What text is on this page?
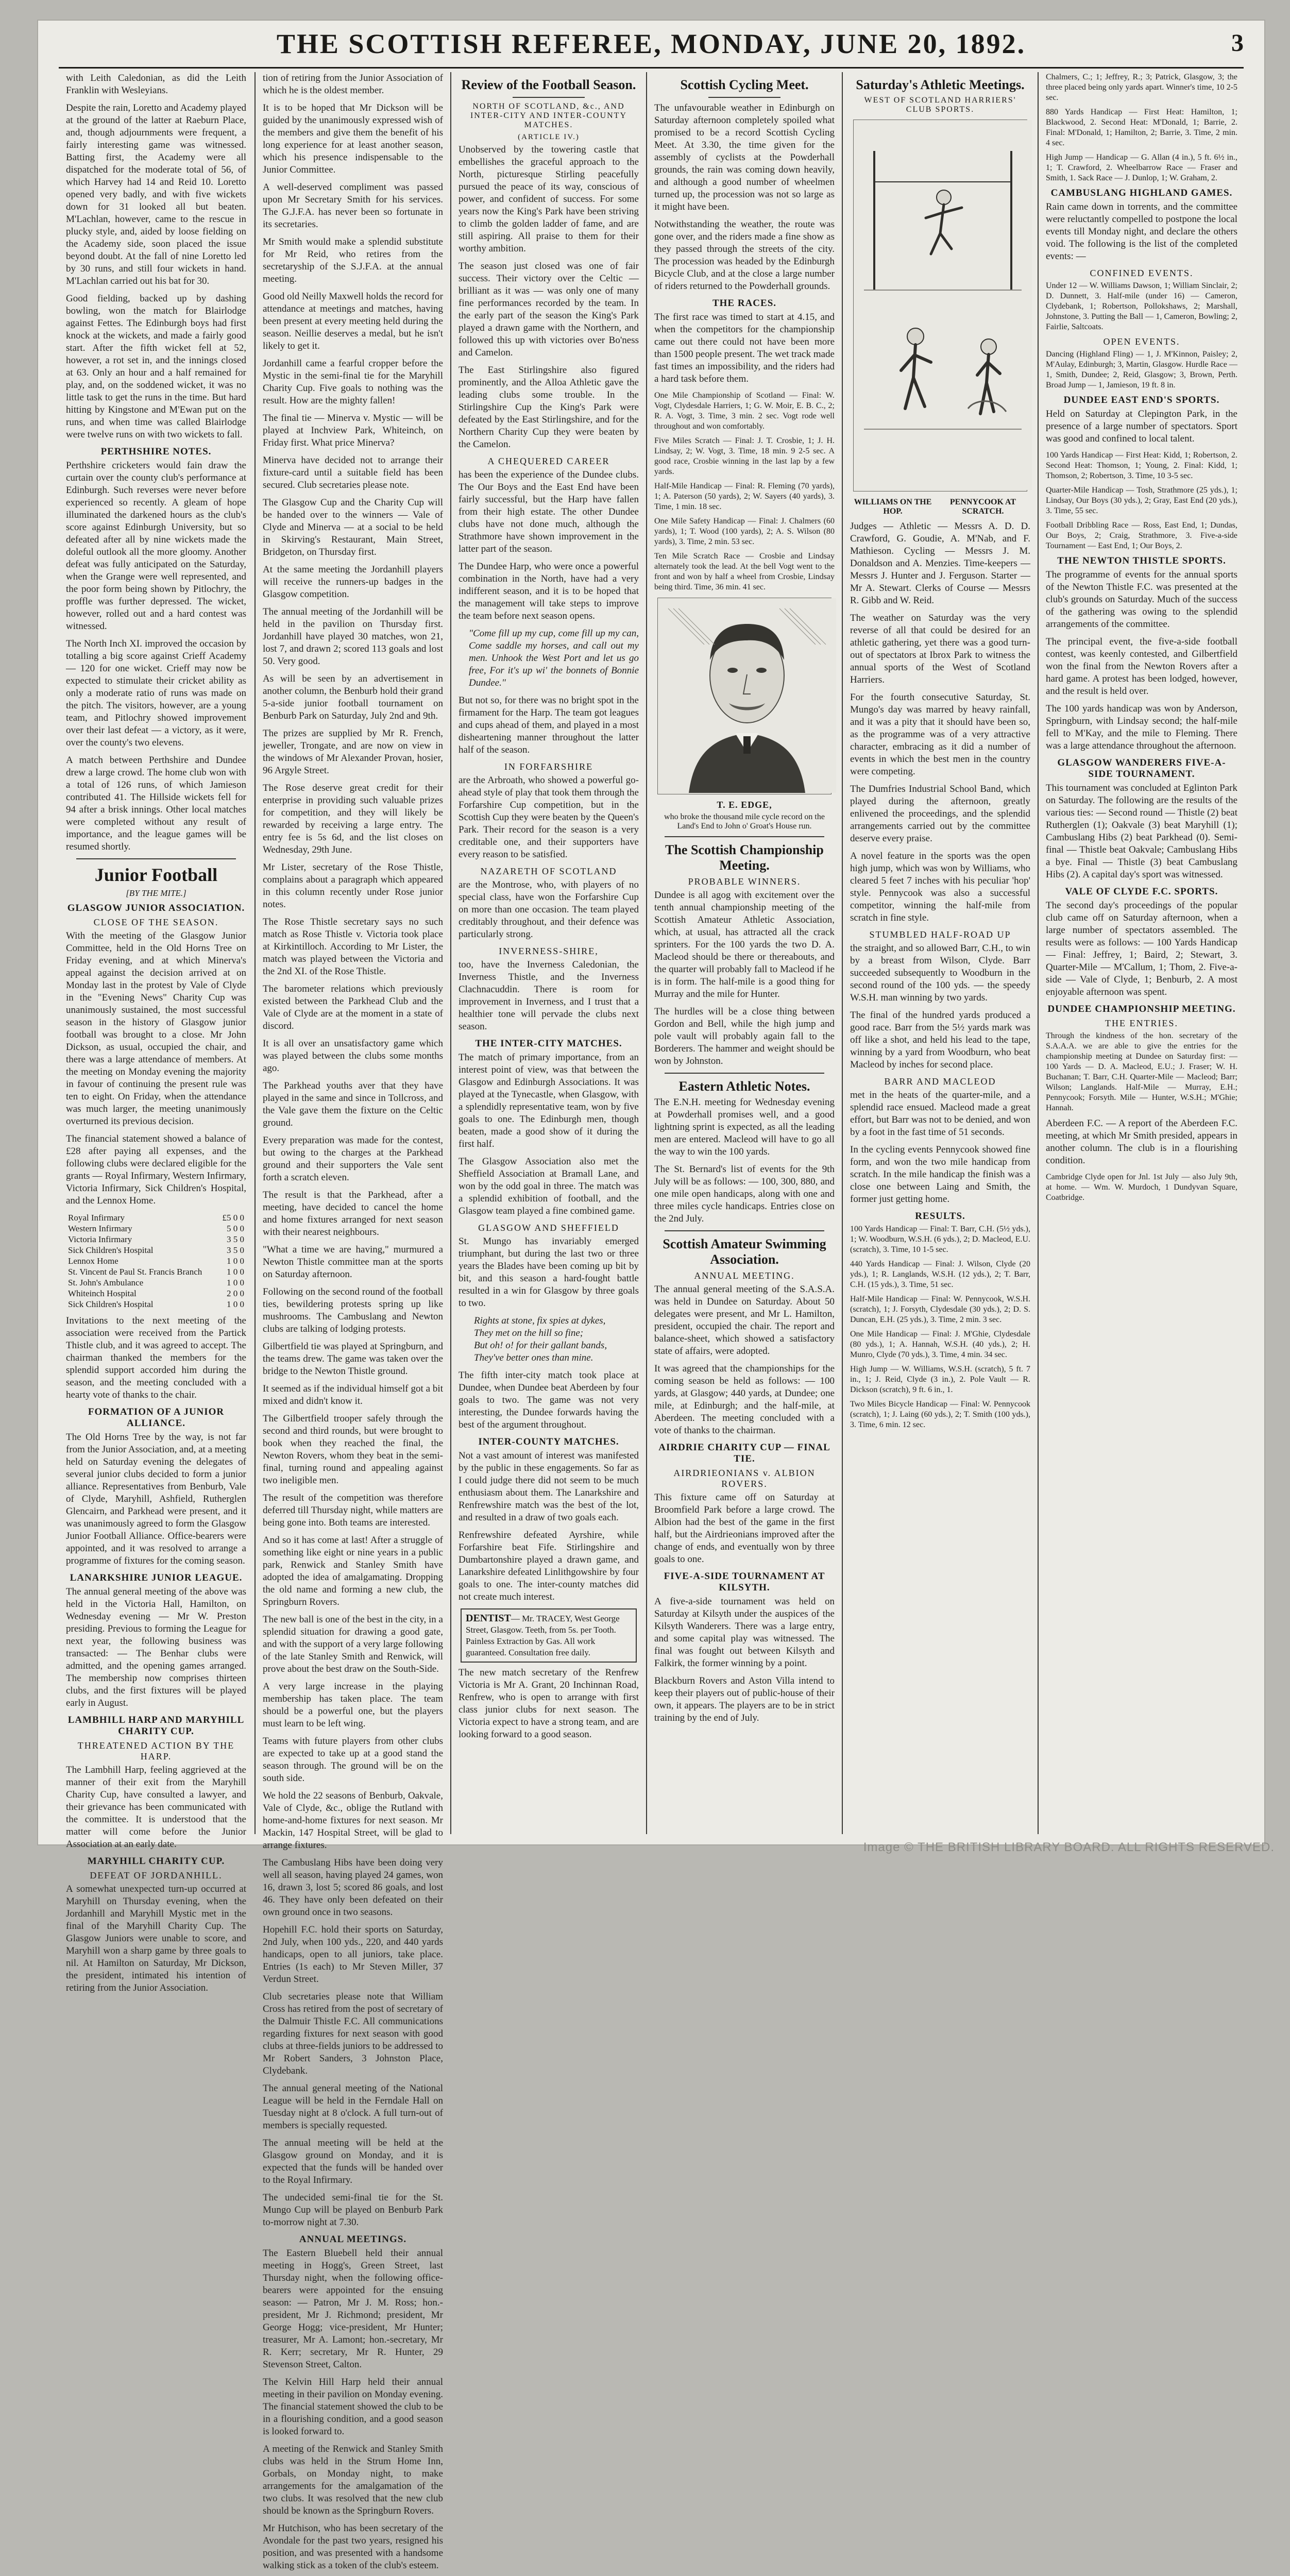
THE SCOTTISH REFEREE, MONDAY, JUNE 20, 1892.	3

with Leith Caledonian, as did the Leith Franklin with Wesleyians.

Despite the rain, Loretto and Academy played at the ground of the latter at Raeburn Place, and, though adjournments were frequent, a fairly interesting game was witnessed. Batting first, the Academy were all dispatched for the moderate total of 56, of which Harvey had 14 and Reid 10. Loretto opened very badly, and with five wickets down for 31 looked all but beaten. M'Lachlan, however, came to the rescue in plucky style, and, aided by loose fielding on the Academy side, soon placed the issue beyond doubt. At the fall of nine Loretto led by 30 runs, and still four wickets in hand. M'Lachlan carried out his bat for 30.

Good fielding, backed up by dashing bowling, won the match for Blairlodge against Fettes. The Edinburgh boys had first knock at the wickets, and made a fairly good start. After the fifth wicket fell at 52, however, a rot set in, and the innings closed at 63. Only an hour and a half remained for play, and, on the soddened wicket, it was no little task to get the runs in the time. But hard hitting by Kingstone and M'Ewan put on the runs, and when time was called Blairlodge were twelve runs on with two wickets to fall.

PERTHSHIRE NOTES.

Perthshire cricketers would fain draw the curtain over the county club's performance at Edinburgh. Such reverses were never before experienced so recently. A gleam of hope illuminated the darkened hours as the club's score against Edinburgh University, but so defeated after all by nine wickets made the doleful outlook all the more gloomy. Another defeat was fully anticipated on the Saturday, when the Grange were well represented, and the poor form being shown by Pitlochry, the proffle was further depressed. The wicket, however, rolled out and a hard contest was witnessed.

The North Inch XI. improved the occasion by totalling a big score against Crieff Academy — 120 for one wicket. Crieff may now be expected to stimulate their cricket ability as only a moderate ratio of runs was made on the pitch. The visitors, however, are a young team, and Pitlochry showed improvement over their last defeat — a victory, as it were, over the county's two elevens.

A match between Perthshire and Dundee drew a large crowd. The home club won with a total of 126 runs, of which Jamieson contributed 41. The Hillside wickets fell for 94 after a brisk innings. Other local matches were completed without any result of importance, and the league games will be resumed shortly.

Junior Football
[BY THE MITE.]
GLASGOW JUNIOR ASSOCIATION.
CLOSE OF THE SEASON.

With the meeting of the Glasgow Junior Committee, held in the Old Horns Tree on Friday evening, and at which Minerva's appeal against the decision arrived at on Monday last in the protest by Vale of Clyde in the "Evening News" Charity Cup was unanimously sustained, the most successful season in the history of Glasgow junior football was brought to a close. Mr John Dickson, as usual, occupied the chair, and there was a large attendance of members. At the meeting on Monday evening the majority in favour of continuing the present rule was ten to eight. On Friday, when the attendance was much larger, the meeting unanimously overturned its previous decision.

The financial statement showed a balance of £28 after paying all expenses, and the following clubs were declared eligible for the grants — Royal Infirmary, Western Infirmary, Victoria Infirmary, Sick Children's Hospital, and the Lennox Home.

Royal Infirmary	£5 0 0
Western Infirmary	5 0 0
Victoria Infirmary	3 5 0
Sick Children's Hospital	3 5 0
Lennox Home	1 0 0
St. Vincent de Paul St. Francis Branch	1 0 0
St. John's Ambulance	1 0 0
Whiteinch Hospital	2 0 0
Sick Children's Hospital	1 0 0

Invitations to the next meeting of the association were received from the Partick Thistle club, and it was agreed to accept. The chairman thanked the members for the splendid support accorded him during the season, and the meeting concluded with a hearty vote of thanks to the chair.

FORMATION OF A JUNIOR ALLIANCE.

The Old Horns Tree by the way, is not far from the Junior Association, and, at a meeting held on Saturday evening the delegates of several junior clubs decided to form a junior alliance. Representatives from Benburb, Vale of Clyde, Maryhill, Ashfield, Rutherglen Glencairn, and Parkhead were present, and it was unanimously agreed to form the Glasgow Junior Football Alliance. Office-bearers were appointed, and it was resolved to arrange a programme of fixtures for the coming season.

LANARKSHIRE JUNIOR LEAGUE.

The annual general meeting of the above was held in the Victoria Hall, Hamilton, on Wednesday evening — Mr W. Preston presiding. Previous to forming the League for next year, the following business was transacted: — The Benhar clubs were admitted, and the opening games arranged. The membership now comprises thirteen clubs, and the first fixtures will be played early in August.

LAMBHILL HARP AND MARYHILL CHARITY CUP.
THREATENED ACTION BY THE HARP.

The Lambhill Harp, feeling aggrieved at the manner of their exit from the Maryhill Charity Cup, have consulted a lawyer, and their grievance has been communicated with the committee. It is understood that the matter will come before the Junior Association at an early date.

MARYHILL CHARITY CUP.
DEFEAT OF JORDANHILL.

A somewhat unexpected turn-up occurred at Maryhill on Thursday evening, when the Jordanhill and Maryhill Mystic met in the final of the Maryhill Charity Cup. The Glasgow Juniors were unable to score, and Maryhill won a sharp game by three goals to nil. At Hamilton on Saturday, Mr Dickson, the president, intimated his intention of retiring from the Junior Association.

tion of retiring from the Junior Association of which he is the oldest member.

It is to be hoped that Mr Dickson will be guided by the unanimously expressed wish of the members and give them the benefit of his long experience for at least another season, which his presence indispensable to the Junior Committee.

A well-deserved compliment was passed upon Mr Secretary Smith for his services. The G.J.F.A. has never been so fortunate in its secretaries.

Mr Smith would make a splendid substitute for Mr Reid, who retires from the secretaryship of the S.J.F.A. at the annual meeting.

Good old Neilly Maxwell holds the record for attendance at meetings and matches, having been present at every meeting held during the season. Neillie deserves a medal, but he isn't likely to get it.

Jordanhill came a fearful cropper before the Mystic in the semi-final tie for the Maryhill Charity Cup. Five goals to nothing was the result. How are the mighty fallen!

The final tie — Minerva v. Mystic — will be played at Inchview Park, Whiteinch, on Friday first. What price Minerva?

Minerva have decided not to arrange their fixture-card until a suitable field has been secured. Club secretaries please note.

The Glasgow Cup and the Charity Cup will be handed over to the winners — Vale of Clyde and Minerva — at a social to be held in Skirving's Restaurant, Main Street, Bridgeton, on Thursday first.

At the same meeting the Jordanhill players will receive the runners-up badges in the Glasgow competition.

The annual meeting of the Jordanhill will be held in the pavilion on Thursday first. Jordanhill have played 30 matches, won 21, lost 7, and drawn 2; scored 113 goals and lost 50. Very good.

As will be seen by an advertisement in another column, the Benburb hold their grand 5-a-side junior football tournament on Benburb Park on Saturday, July 2nd and 9th.

The prizes are supplied by Mr R. French, jeweller, Trongate, and are now on view in the windows of Mr Alexander Provan, hosier, 96 Argyle Street.

The Rose deserve great credit for their enterprise in providing such valuable prizes for competition, and they will likely be rewarded by receiving a large entry. The entry fee is 5s 6d, and the list closes on Wednesday, 29th June.

Mr Lister, secretary of the Rose Thistle, complains about a paragraph which appeared in this column recently under Rose junior notes.

The Rose Thistle secretary says no such match as Rose Thistle v. Victoria took place at Kirkintilloch. According to Mr Lister, the match was played between the Victoria and the 2nd XI. of the Rose Thistle.

The barometer relations which previously existed between the Parkhead Club and the Vale of Clyde are at the moment in a state of discord.

It is all over an unsatisfactory game which was played between the clubs some months ago.

The Parkhead youths aver that they have played in the same and since in Tollcross, and the Vale gave them the fixture on the Celtic ground.

Every preparation was made for the contest, but owing to the charges at the Parkhead ground and their supporters the Vale sent forth a scratch eleven.

The result is that the Parkhead, after a meeting, have decided to cancel the home and home fixtures arranged for next season with their nearest neighbours.

"What a time we are having," murmured a Newton Thistle committee man at the sports on Saturday afternoon.

Following on the second round of the football ties, bewildering protests spring up like mushrooms. The Cambuslang and Newton clubs are talking of lodging protests.

Gilbertfield tie was played at Springburn, and the teams drew. The game was taken over the bridge to the Newton Thistle ground.

It seemed as if the individual himself got a bit mixed and didn't know it.

The Gilbertfield trooper safely through the second and third rounds, but were brought to book when they reached the final, the Newton Rovers, whom they beat in the semi-final, turning round and appealing against two ineligible men.

The result of the competition was therefore deferred till Thursday night, while matters are being gone into. Both teams are interested.

And so it has come at last! After a struggle of something like eight or nine years in a public park, Renwick and Stanley Smith have adopted the idea of amalgamating. Dropping the old name and forming a new club, the Springburn Rovers.

The new ball is one of the best in the city, in a splendid situation for drawing a good gate, and with the support of a very large following of the late Stanley Smith and Renwick, will prove about the best draw on the South-Side.

A very large increase in the playing membership has taken place. The team should be a powerful one, but the players must learn to be left wing.

Teams with future players from other clubs are expected to take up at a good stand the season through. The ground will be on the south side.

We hold the 22 seasons of Benburb, Oakvale, Vale of Clyde, &c., oblige the Rutland with home-and-home fixtures for next season. Mr Mackin, 147 Hospital Street, will be glad to arrange fixtures.

The Cambuslang Hibs have been doing very well all season, having played 24 games, won 16, drawn 3, lost 5; scored 86 goals, and lost 46. They have only been defeated on their own ground once in two seasons.

Hopehill F.C. hold their sports on Saturday, 2nd July, when 100 yds., 220, and 440 yards handicaps, open to all juniors, take place. Entries (1s each) to Mr Steven Miller, 37 Verdun Street.

Club secretaries please note that William Cross has retired from the post of secretary of the Dalmuir Thistle F.C. All communications regarding fixtures for next season with good clubs at three-fields juniors to be addressed to Mr Robert Sanders, 3 Johnston Place, Clydebank.

The annual general meeting of the National League will be held in the Ferndale Hall on Tuesday night at 8 o'clock. A full turn-out of members is specially requested.

The annual meeting will be held at the Glasgow ground on Monday, and it is expected that the funds will be handed over to the Royal Infirmary.

The undecided semi-final tie for the St. Mungo Cup will be played on Benburb Park to-morrow night at 7.30.

ANNUAL MEETINGS.

The Eastern Bluebell held their annual meeting in Hogg's, Green Street, last Thursday night, when the following office-bearers were appointed for the ensuing season: — Patron, Mr J. M. Ross; hon.-president, Mr J. Richmond; president, Mr George Hogg; vice-president, Mr Hunter; treasurer, Mr A. Lamont; hon.-secretary, Mr R. Kerr; secretary, Mr R. Hunter, 29 Stevenson Street, Calton.

The Kelvin Hill Harp held their annual meeting in their pavilion on Monday evening. The financial statement showed the club to be in a flourishing condition, and a good season is looked forward to.

A meeting of the Renwick and Stanley Smith clubs was held in the Strum Home Inn, Gorbals, on Monday night, to make arrangements for the amalgamation of the two clubs. It was resolved that the new club should be known as the Springburn Rovers.

Mr Hutchison, who has been secretary of the Avondale for the past two years, resigned his position, and was presented with a handsome walking stick as a token of the club's esteem.

Review of the Football Season.
NORTH OF SCOTLAND, &c., AND INTER-CITY AND INTER-COUNTY MATCHES.
(ARTICLE IV.)

Unobserved by the towering castle that embellishes the graceful approach to the North, picturesque Stirling peacefully pursued the peace of its way, conscious of power, and confident of success. For some years now the King's Park have been striving to climb the golden ladder of fame, and are still aspiring. All praise to them for their worthy ambition.

The season just closed was one of fair success. Their victory over the Celtic — brilliant as it was — was only one of many fine performances recorded by the team. In the early part of the season the King's Park played a drawn game with the Northern, and followed this up with victories over Bo'ness and Camelon.

The East Stirlingshire also figured prominently, and the Alloa Athletic gave the leading clubs some trouble. In the Stirlingshire Cup the King's Park were defeated by the East Stirlingshire, and for the Northern Charity Cup they were beaten by the Camelon.

A CHEQUERED CAREER

has been the experience of the Dundee clubs. The Our Boys and the East End have been fairly successful, but the Harp have fallen from their high estate. The other Dundee clubs have not done much, although the Strathmore have shown improvement in the latter part of the season.

The Dundee Harp, who were once a powerful combination in the North, have had a very indifferent season, and it is to be hoped that the management will take steps to improve the team before next season opens.

"Come fill up my cup, come fill up my can, Come saddle my horses, and call out my men. Unhook the West Port and let us go free, For it's up wi' the bonnets of Bonnie Dundee."

But not so, for there was no bright spot in the firmament for the Harp. The team got leagues and cups ahead of them, and played in a most disheartening manner throughout the latter half of the season.

IN FORFARSHIRE

are the Arbroath, who showed a powerful go-ahead style of play that took them through the Forfarshire Cup competition, but in the Scottish Cup they were beaten by the Queen's Park. Their record for the season is a very creditable one, and their supporters have every reason to be satisfied.

NAZARETH OF SCOTLAND

are the Montrose, who, with players of no special class, have won the Forfarshire Cup on more than one occasion. The team played creditably throughout, and their defence was particularly strong.

INVERNESS-SHIRE,

too, have the Inverness Caledonian, the Inverness Thistle, and the Inverness Clachnacuddin. There is room for improvement in Inverness, and I trust that a healthier tone will pervade the clubs next season.

THE INTER-CITY MATCHES.

The match of primary importance, from an interest point of view, was that between the Glasgow and Edinburgh Associations. It was played at the Tynecastle, when Glasgow, with a splendidly representative team, won by five goals to one. The Edinburgh men, though beaten, made a good show of it during the first half.

The Glasgow Association also met the Sheffield Association at Bramall Lane, and won by the odd goal in three. The match was a splendid exhibition of football, and the Glasgow team played a fine combined game.

GLASGOW AND SHEFFIELD

St. Mungo has invariably emerged triumphant, but during the last two or three years the Blades have been coming up bit by bit, and this season a hard-fought battle resulted in a win for Glasgow by three goals to two.

Rights at stone, fix spies at dykes,
They met on the hill so fine;
But oh! o! for their gallant bands,
They've better ones than mine.

The fifth inter-city match took place at Dundee, when Dundee beat Aberdeen by four goals to two. The game was not very interesting, the Dundee forwards having the best of the argument throughout.

INTER-COUNTY MATCHES.

Not a vast amount of interest was manifested by the public in these engagements. So far as I could judge there did not seem to be much enthusiasm about them. The Lanarkshire and Renfrewshire match was the best of the lot, and resulted in a draw of two goals each.

Renfrewshire defeated Ayrshire, while Forfarshire beat Fife. Stirlingshire and Dumbartonshire played a drawn game, and Lanarkshire defeated Linlithgowshire by four goals to one. The inter-county matches did not create much interest.

DENTIST— Mr. TRACEY, West George Street, Glasgow. Teeth, from 5s. per Tooth. Painless Extraction by Gas. All work guaranteed. Consultation free daily.

The new match secretary of the Renfrew Victoria is Mr A. Grant, 20 Inchinnan Road, Renfrew, who is open to arrange with first class junior clubs for next season. The Victoria expect to have a strong team, and are looking forward to a good season.

Scottish Cycling Meet.

The unfavourable weather in Edinburgh on Saturday afternoon completely spoiled what promised to be a record Scottish Cycling Meet. At 3.30, the time given for the assembly of cyclists at the Powderhall grounds, the rain was coming down heavily, and although a good number of wheelmen turned up, the procession was not so large as it might have been.

Notwithstanding the weather, the route was gone over, and the riders made a fine show as they passed through the streets of the city. The procession was headed by the Edinburgh Bicycle Club, and at the close a large number of riders returned to the Powderhall grounds.

THE RACES.

The first race was timed to start at 4.15, and when the competitors for the championship came out there could not have been more than 1500 people present. The wet track made fast times an impossibility, and the riders had a hard task before them.

One Mile Championship of Scotland — Final: W. Vogt, Clydesdale Harriers, 1; G. W. Moir, E. B. C., 2; R. A. Vogt, 3. Time, 3 min. 2 sec. Vogt rode well throughout and won comfortably.

Five Miles Scratch — Final: J. T. Crosbie, 1; J. H. Lindsay, 2; W. Vogt, 3. Time, 18 min. 9 2-5 sec. A good race, Crosbie winning in the last lap by a few yards.

Half-Mile Handicap — Final: R. Fleming (70 yards), 1; A. Paterson (50 yards), 2; W. Sayers (40 yards), 3. Time, 1 min. 18 sec.

One Mile Safety Handicap — Final: J. Chalmers (60 yards), 1; T. Wood (100 yards), 2; A. S. Wilson (80 yards), 3. Time, 2 min. 53 sec.

Ten Mile Scratch Race — Crosbie and Lindsay alternately took the lead. At the bell Vogt went to the front and won by half a wheel from Crosbie, Lindsay being third. Time, 36 min. 41 sec.

T. E. EDGE,
who broke the thousand mile cycle record on the Land's End to John o' Groat's House run.
The Scottish Championship Meeting.
PROBABLE WINNERS.

Dundee is all agog with excitement over the tenth annual championship meeting of the Scottish Amateur Athletic Association, which, at usual, has attracted all the crack sprinters. For the 100 yards the two D. A. Macleod should be there or thereabouts, and the quarter will probably fall to Macleod if he is in form. The half-mile is a good thing for Murray and the mile for Hunter.

The hurdles will be a close thing between Gordon and Bell, while the high jump and pole vault will probably again fall to the Borderers. The hammer and weight should be won by Johnston.

Eastern Athletic Notes.

The E.N.H. meeting for Wednesday evening at Powderhall promises well, and a good lightning sprint is expected, as all the leading men are entered. Macleod will have to go all the way to win the 100 yards.

The St. Bernard's list of events for the 9th July will be as follows: — 100, 300, 880, and one mile open handicaps, along with one and three miles cycle handicaps. Entries close on the 2nd July.

Scottish Amateur Swimming Association.
ANNUAL MEETING.

The annual general meeting of the S.A.S.A. was held in Dundee on Saturday. About 50 delegates were present, and Mr L. Hamilton, president, occupied the chair. The report and balance-sheet, which showed a satisfactory state of affairs, were adopted.

It was agreed that the championships for the coming season be held as follows: — 100 yards, at Glasgow; 440 yards, at Dundee; one mile, at Edinburgh; and the half-mile, at Aberdeen. The meeting concluded with a vote of thanks to the chairman.

AIRDRIE CHARITY CUP — FINAL TIE.
AIRDRIEONIANS v. ALBION ROVERS.

This fixture came off on Saturday at Broomfield Park before a large crowd. The Albion had the best of the game in the first half, but the Airdrieonians improved after the change of ends, and eventually won by three goals to one.

FIVE-A-SIDE TOURNAMENT AT KILSYTH.

A five-a-side tournament was held on Saturday at Kilsyth under the auspices of the Kilsyth Wanderers. There was a large entry, and some capital play was witnessed. The final was fought out between Kilsyth and Falkirk, the former winning by a point.

Blackburn Rovers and Aston Villa intend to keep their players out of public-house of their own, it appears. The players are to be in strict training by the end of July.

Saturday's Athletic Meetings.
WEST OF SCOTLAND HARRIERS' CLUB SPORTS.
WILLIAMS ON THE HOP.
PENNYCOOK AT SCRATCH.

Judges — Athletic — Messrs A. D. D. Crawford, G. Goudie, A. M'Nab, and F. Mathieson. Cycling — Messrs J. M. Donaldson and A. Menzies. Time-keepers — Messrs J. Hunter and J. Ferguson. Starter — Mr A. Stewart. Clerks of Course — Messrs R. Gibb and W. Reid.

The weather on Saturday was the very reverse of all that could be desired for an athletic gathering, yet there was a good turn-out of spectators at Ibrox Park to witness the annual sports of the West of Scotland Harriers.

For the fourth consecutive Saturday, St. Mungo's day was marred by heavy rainfall, and it was a pity that it should have been so, as the programme was of a very attractive character, embracing as it did a number of events in which the best men in the country were competing.

The Dumfries Industrial School Band, which played during the afternoon, greatly enlivened the proceedings, and the splendid arrangements carried out by the committee deserve every praise.

A novel feature in the sports was the open high jump, which was won by Williams, who cleared 5 feet 7 inches with his peculiar 'hop' style. Pennycook was also a successful competitor, winning the half-mile from scratch in fine style.

STUMBLED HALF-ROAD UP

the straight, and so allowed Barr, C.H., to win by a breast from Wilson, Clyde. Barr succeeded subsequently to Woodburn in the second round of the 100 yds. — the speedy W.S.H. man winning by two yards.

The final of the hundred yards produced a good race. Barr from the 5½ yards mark was off like a shot, and held his lead to the tape, winning by a yard from Woodburn, who beat Macleod by inches for second place.

BARR AND MACLEOD

met in the heats of the quarter-mile, and a splendid race ensued. Macleod made a great effort, but Barr was not to be denied, and won by a foot in the fast time of 51 seconds.

In the cycling events Pennycook showed fine form, and won the two mile handicap from scratch. In the mile handicap the finish was a close one between Laing and Smith, the former just getting home.

RESULTS.

100 Yards Handicap — Final: T. Barr, C.H. (5½ yds.), 1; W. Woodburn, W.S.H. (6 yds.), 2; D. Macleod, E.U. (scratch), 3. Time, 10 1-5 sec.

440 Yards Handicap — Final: J. Wilson, Clyde (20 yds.), 1; R. Langlands, W.S.H. (12 yds.), 2; T. Barr, C.H. (15 yds.), 3. Time, 51 sec.

Half-Mile Handicap — Final: W. Pennycook, W.S.H. (scratch), 1; J. Forsyth, Clydesdale (30 yds.), 2; D. S. Duncan, E.H. (25 yds.), 3. Time, 2 min. 3 sec.

One Mile Handicap — Final: J. M'Ghie, Clydesdale (80 yds.), 1; A. Hannah, W.S.H. (40 yds.), 2; H. Munro, Clyde (70 yds.), 3. Time, 4 min. 34 sec.

High Jump — W. Williams, W.S.H. (scratch), 5 ft. 7 in., 1; J. Reid, Clyde (3 in.), 2. Pole Vault — R. Dickson (scratch), 9 ft. 6 in., 1.

Two Miles Bicycle Handicap — Final: W. Pennycook (scratch), 1; J. Laing (60 yds.), 2; T. Smith (100 yds.), 3. Time, 6 min. 12 sec.

Chalmers, C.; 1; Jeffrey, R.; 3; Patrick, Glasgow, 3; the three placed being only yards apart. Winner's time, 10 2-5 sec.

880 Yards Handicap — First Heat: Hamilton, 1; Blackwood, 2. Second Heat: M'Donald, 1; Barrie, 2. Final: M'Donald, 1; Hamilton, 2; Barrie, 3. Time, 2 min. 4 sec.

High Jump — Handicap — G. Allan (4 in.), 5 ft. 6½ in., 1; T. Crawford, 2. Wheelbarrow Race — Fraser and Smith, 1. Sack Race — J. Dunlop, 1; W. Graham, 2.

CAMBUSLANG HIGHLAND GAMES.

Rain came down in torrents, and the committee were reluctantly compelled to postpone the local events till Monday night, and declare the others void. The following is the list of the completed events: —

CONFINED EVENTS.

Under 12 — W. Williams Dawson, 1; William Sinclair, 2; D. Dunnett, 3. Half-mile (under 16) — Cameron, Clydebank, 1; Robertson, Pollokshaws, 2; Marshall, Johnstone, 3. Putting the Ball — 1, Cameron, Bowling; 2, Fairlie, Saltcoats.

OPEN EVENTS.

Dancing (Highland Fling) — 1, J. M'Kinnon, Paisley; 2, M'Aulay, Edinburgh; 3, Martin, Glasgow. Hurdle Race — 1, Smith, Dundee; 2, Reid, Glasgow; 3, Brown, Perth. Broad Jump — 1, Jamieson, 19 ft. 8 in.

DUNDEE EAST END'S SPORTS.

Held on Saturday at Clepington Park, in the presence of a large number of spectators. Sport was good and confined to local talent.

100 Yards Handicap — First Heat: Kidd, 1; Robertson, 2. Second Heat: Thomson, 1; Young, 2. Final: Kidd, 1; Thomson, 2; Robertson, 3. Time, 10 3-5 sec.

Quarter-Mile Handicap — Tosh, Strathmore (25 yds.), 1; Lindsay, Our Boys (30 yds.), 2; Gray, East End (20 yds.), 3. Time, 55 sec.

Football Dribbling Race — Ross, East End, 1; Dundas, Our Boys, 2; Craig, Strathmore, 3. Five-a-side Tournament — East End, 1; Our Boys, 2.

THE NEWTON THISTLE SPORTS.

The programme of events for the annual sports of the Newton Thistle F.C. was presented at the club's grounds on Saturday. Much of the success of the gathering was owing to the splendid arrangements of the committee.

The principal event, the five-a-side football contest, was keenly contested, and Gilbertfield won the final from the Newton Rovers after a hard game. A protest has been lodged, however, and the result is held over.

The 100 yards handicap was won by Anderson, Springburn, with Lindsay second; the half-mile fell to M'Kay, and the mile to Fleming. There was a large attendance throughout the afternoon.

GLASGOW WANDERERS FIVE-A-SIDE TOURNAMENT.

This tournament was concluded at Eglinton Park on Saturday. The following are the results of the various ties: — Second round — Thistle (2) beat Rutherglen (1); Oakvale (3) beat Maryhill (1); Cambuslang Hibs (2) beat Parkhead (0). Semi-final — Thistle beat Oakvale; Cambuslang Hibs a bye. Final — Thistle (3) beat Cambuslang Hibs (2). A capital day's sport was witnessed.

VALE OF CLYDE F.C. SPORTS.

The second day's proceedings of the popular club came off on Saturday afternoon, when a large number of spectators assembled. The results were as follows: — 100 Yards Handicap — Final: Jeffrey, 1; Baird, 2; Stewart, 3. Quarter-Mile — M'Callum, 1; Thom, 2. Five-a-side — Vale of Clyde, 1; Benburb, 2. A most enjoyable afternoon was spent.

DUNDEE CHAMPIONSHIP MEETING.
THE ENTRIES.

Through the kindness of the hon. secretary of the S.A.A.A. we are able to give the entries for the championship meeting at Dundee on Saturday first: — 100 Yards — D. A. Macleod, E.U.; J. Fraser; W. H. Buchanan; T. Barr, C.H. Quarter-Mile — Macleod; Barr; Wilson; Langlands. Half-Mile — Murray, E.H.; Pennycook; Forsyth. Mile — Hunter, W.S.H.; M'Ghie; Hannah.

Aberdeen F.C. — A report of the Aberdeen F.C. meeting, at which Mr Smith presided, appears in another column. The club is in a flourishing condition.

Cambridge Clyde open for Jnl. 1st July — also July 9th, at home. — Wm. W. Murdoch, 1 Dundyvan Square, Coatbridge.

Image © THE BRITISH LIBRARY BOARD. ALL RIGHTS RESERVED.
